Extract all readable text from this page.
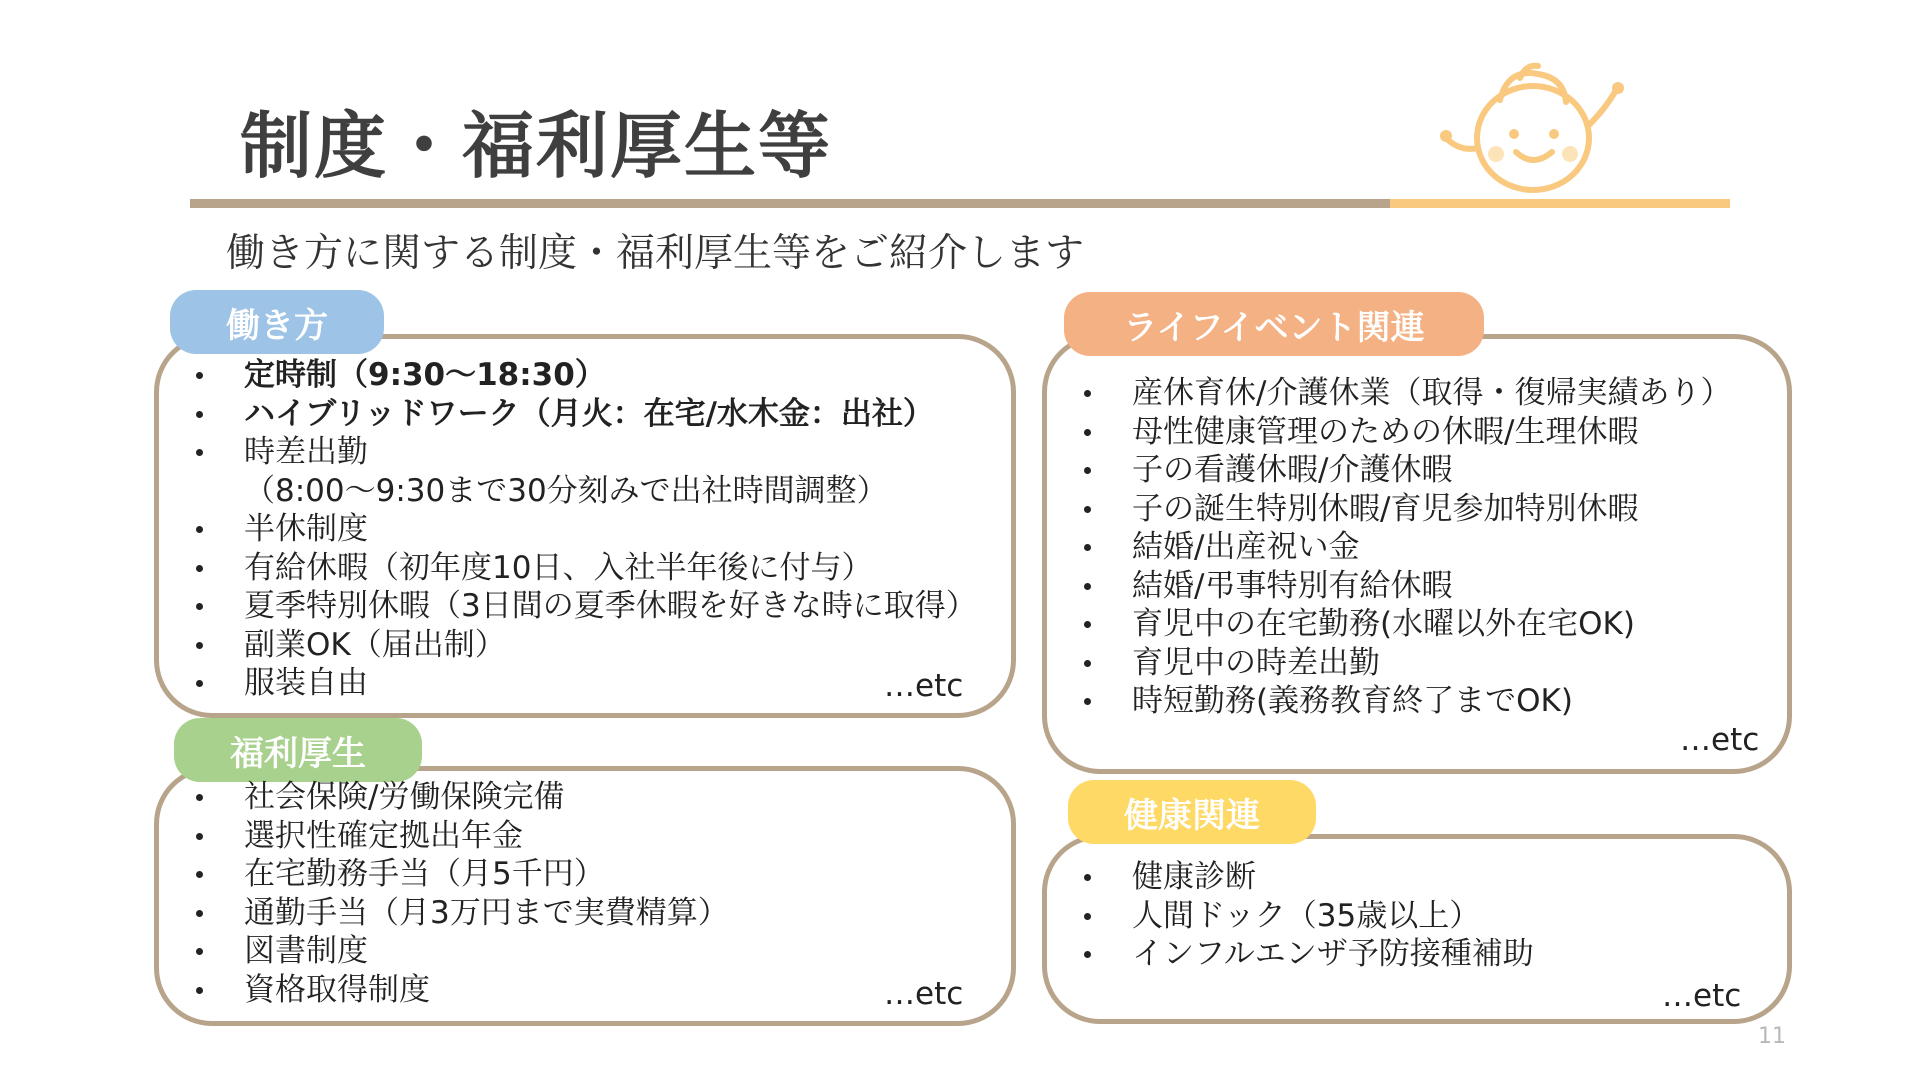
制度・福利厚生等
働き方に関する制度・福利厚生等をご紹介します
働き方
定時制（9:30～18:30）
ハイブリッドワーク（月火：在宅/水木金：出社）
時差出勤
（8:00～9:30まで30分刻みで出社時間調整）
半休制度
有給休暇（初年度10日、入社半年後に付与）
夏季特別休暇（3日間の夏季休暇を好きな時に取得）
副業OK（届出制）
服装自由	…etc
福利厚生
社会保険/労働保険完備
選択性確定拠出年金
在宅勤務手当（月5千円）
通勤手当（月3万円まで実費精算）
図書制度
資格取得制度	…etc
ライフイベント関連
産休育休/介護休業（取得・復帰実績あり）
母性健康管理のための休暇/生理休暇
子の看護休暇/介護休暇
子の誕生特別休暇/育児参加特別休暇
結婚/出産祝い金
結婚/弔事特別有給休暇
育児中の在宅勤務(水曜以外在宅OK)
育児中の時差出勤
時短勤務(義務教育終了までOK)
…etc
健康関連
健康診断
人間ドック（35歳以上）
インフルエンザ予防接種補助
…etc
11
